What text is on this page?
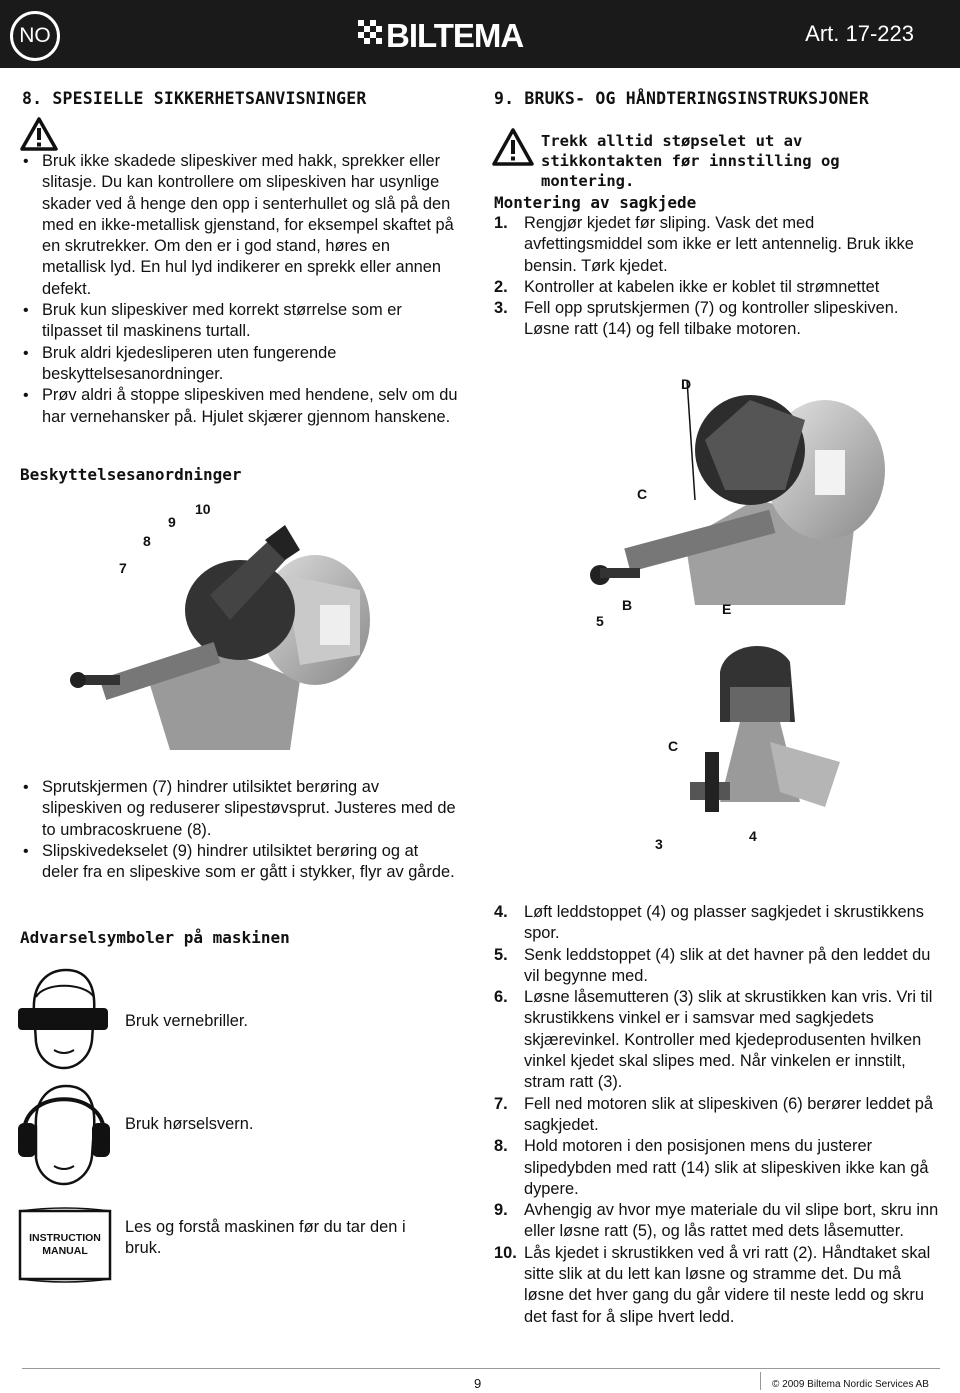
NO	BILTEMA	Art. 17-223
8. SPESIELLE SIKKERHETSANVISNINGER
• Bruk ikke skadede slipeskiver med hakk, sprekker eller slitasje. Du kan kontrollere om slipeskiven har usynlige skader ved å henge den opp i senterhullet og slå på den med en ikke-metallisk gjenstand, for eksempel skaftet på en skrutrekker. Om den er i god stand, høres en metallisk lyd. En hul lyd indikerer en sprekk eller annen defekt.
• Bruk kun slipeskiver med korrekt størrelse som er tilpasset til maskinens turtall.
• Bruk aldri kjedesliperen uten fungerende beskyttelsesanordninger.
• Prøv aldri å stoppe slipeskiven med hendene, selv om du har vernehansker på. Hjulet skjærer gjennom hanskene.
Beskyttelsesanordninger
10
9
8
7
• Sprutskjermen (7) hindrer utilsiktet berøring av slipeskiven og reduserer slipestøvsprut. Justeres med de to umbracoskruene (8).
• Slipskivedekselet (9) hindrer utilsiktet berøring og at deler fra en slipeskive som er gått i stykker, flyr av gårde.
Advarselsymboler på maskinen
Bruk vernebriller.
Bruk hørselsvern.
INSTRUCTION
MANUAL
Les og forstå maskinen før du tar den i bruk.
9. BRUKS- OG HÅNDTERINGSINSTRUKSJONER
Trekk alltid støpselet ut av stikkontakten før innstilling og montering.
Montering av sagkjede
1. Rengjør kjedet før sliping. Vask det med avfettingsmiddel som ikke er lett antennelig. Bruk ikke bensin. Tørk kjedet.
2. Kontroller at kabelen ikke er koblet til strømnettet
3. Fell opp sprutskjermen (7) og kontroller slipeskiven. Løsne ratt (14) og fell tilbake motoren.
D
C
5
B	E
C
3	4
4. Løft leddstoppet (4) og plasser sagkjedet i skrustikkens spor.
5. Senk leddstoppet (4) slik at det havner på den leddet du vil begynne med.
6. Løsne låsemutteren (3) slik at skrustikken kan vris. Vri til skrustikkens vinkel er i samsvar med sagkjedets skjærevinkel. Kontroller med kjedeprodusenten hvilken vinkel kjedet skal slipes med. Når vinkelen er innstilt, stram ratt (3).
7. Fell ned motoren slik at slipeskiven (6) berører leddet på sagkjedet.
8. Hold motoren i den posisjonen mens du justerer slipedybden med ratt (14) slik at slipeskiven ikke kan gå dypere.
9. Avhengig av hvor mye materiale du vil slipe bort, skru inn eller løsne ratt (5), og lås rattet med dets låsemutter.
10. Lås kjedet i skrustikken ved å vri ratt (2). Håndtaket skal sitte slik at du lett kan løsne og stramme det. Du må løsne det hver gang du går videre til neste ledd og skru det fast for å slipe hvert ledd.
9	© 2009 Biltema Nordic Services AB
